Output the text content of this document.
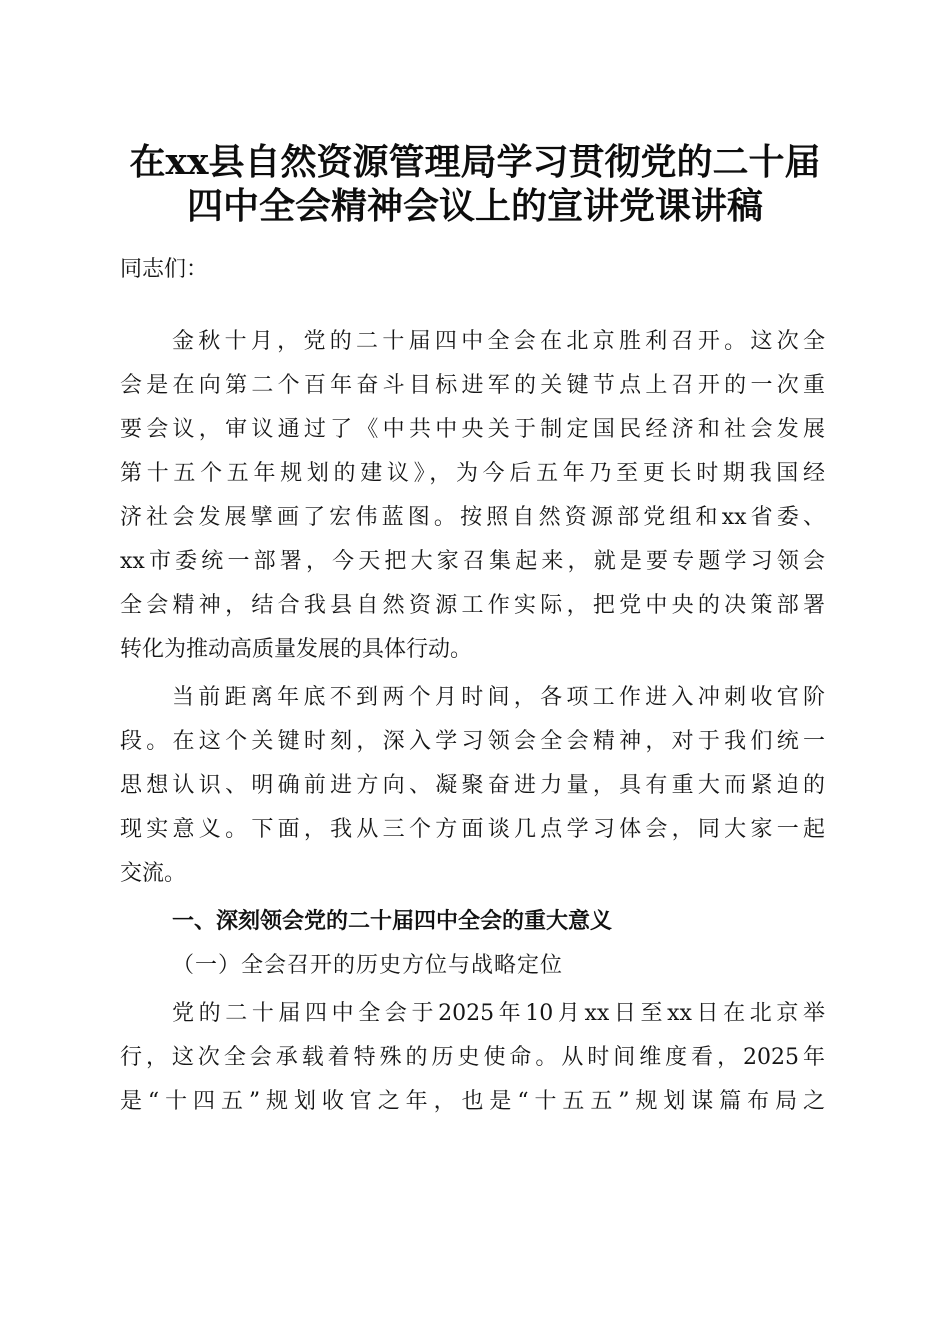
在xx县自然资源管理局学习贯彻党的二十届
四中全会精神会议上的宣讲党课讲稿
同志们：
金秋十月，党的二十届四中全会在北京胜利召开。这次全
会是在向第二个百年奋斗目标进军的关键节点上召开的一次重
要会议，审议通过了《中共中央关于制定国民经济和社会发展
第十五个五年规划的建议》，为今后五年乃至更长时期我国经
济社会发展擘画了宏伟蓝图。按照自然资源部党组和xx省委、
xx市委统一部署，今天把大家召集起来，就是要专题学习领会
全会精神，结合我县自然资源工作实际，把党中央的决策部署
转化为推动高质量发展的具体行动。
当前距离年底不到两个月时间，各项工作进入冲刺收官阶
段。在这个关键时刻，深入学习领会全会精神，对于我们统一
思想认识、明确前进方向、凝聚奋进力量，具有重大而紧迫的
现实意义。下面，我从三个方面谈几点学习体会，同大家一起
交流。
一、深刻领会党的二十届四中全会的重大意义
（一）全会召开的历史方位与战略定位
党的二十届四中全会于2025年10月xx日至xx日在北京举
行，这次全会承载着特殊的历史使命。从时间维度看，2025年
是“十四五”规划收官之年，也是“十五五”规划谋篇布局之
